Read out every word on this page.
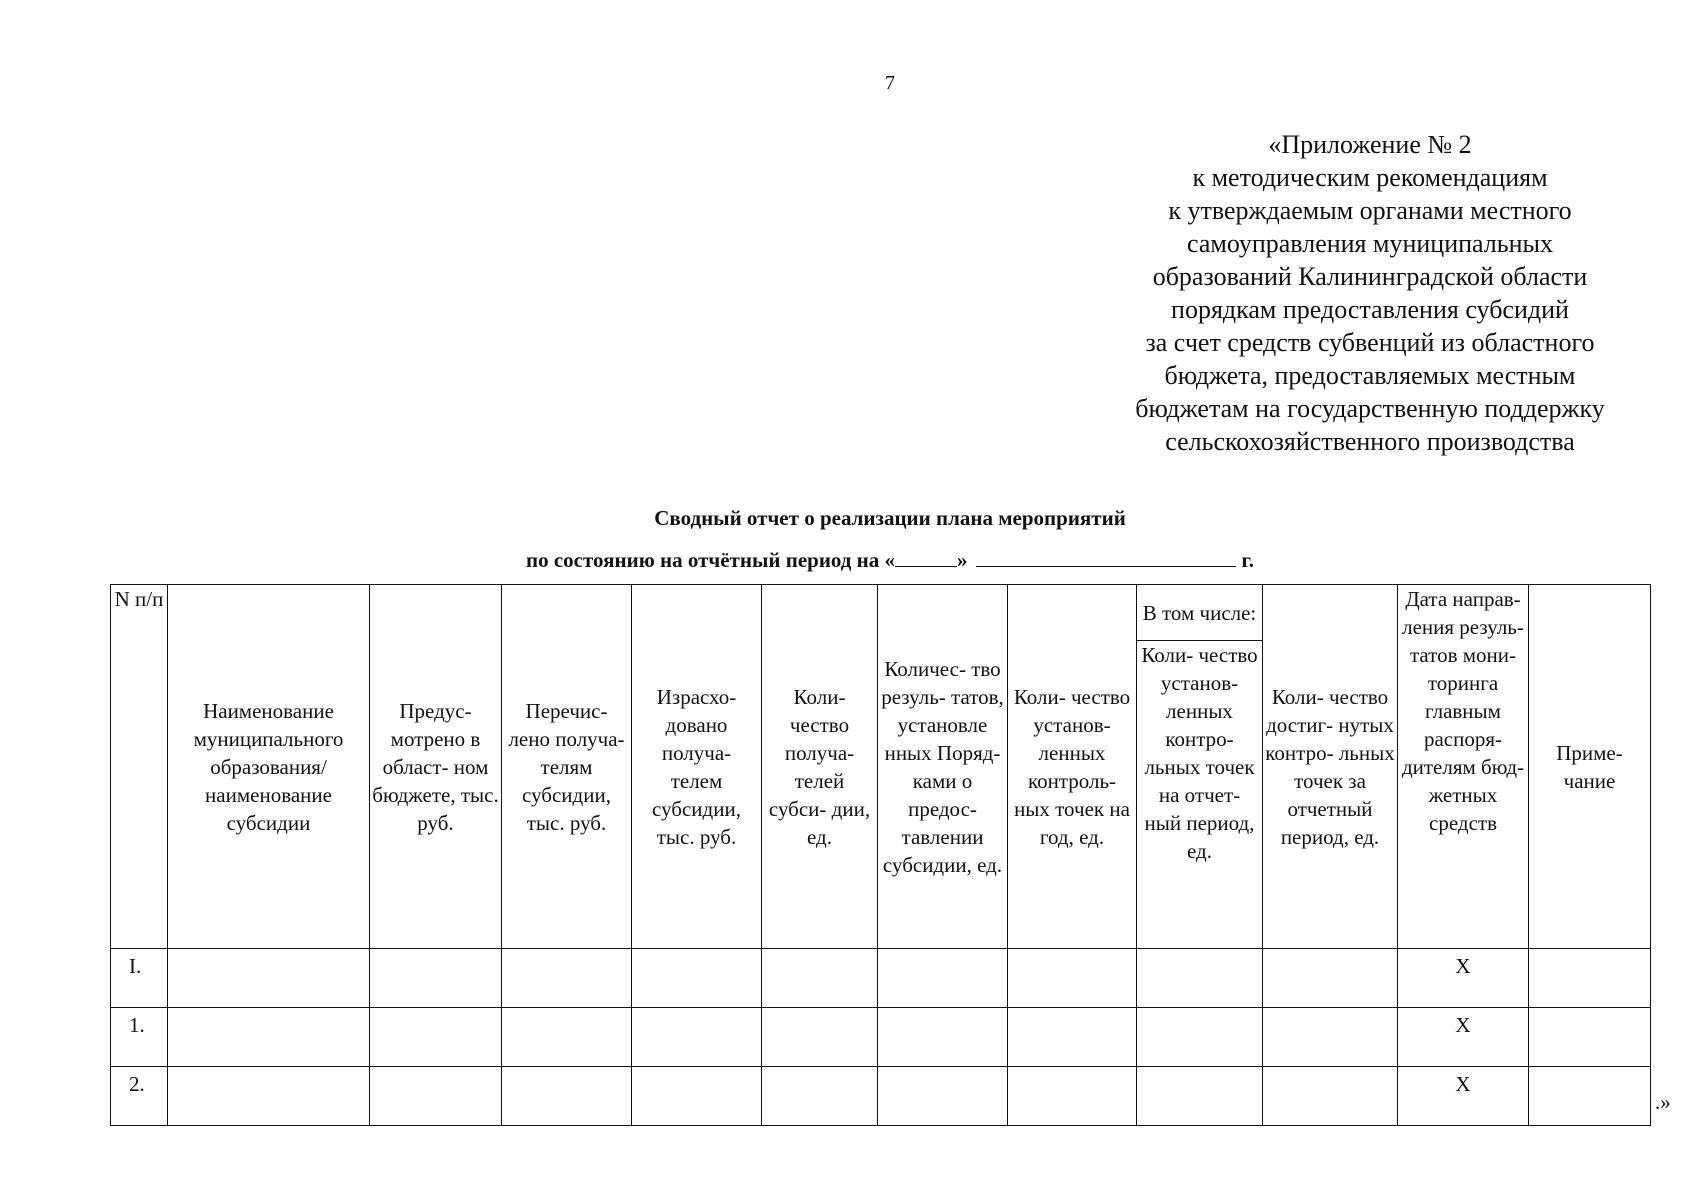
7
«Приложение № 2
к методическим рекомендациям
к утверждаемым органами местного
самоуправления муниципальных
образований Калининградской области
порядкам предоставления субсидий
за счет средств субвенций из областного
бюджета, предоставляемых местным
бюджетам на государственную поддержку
сельскохозяйственного производства
Сводный отчет о реализации плана мероприятий
по состоянию на отчётный период на «	»	г.
N п/п	Наименование муниципального образования/ наименование субсидии	Предус- мотрено в област- ном бюджете, тыс. руб.	Перечис- лено получа- телям субсидии, тыс. руб.	Израсхо- довано получа- телем субсидии, тыс. руб.	Коли- чество получа- телей субси- дии, ед.	Количес- тво резуль- татов, установле нных Поряд- ками о предос- тавлении субсидии, ед.	Коли- чество установ- ленных контроль- ных точек на год, ед.	В том числе:	Коли- чество достиг- нутых контро- льных точек за отчетный период, ед.	Дата направ- ления резуль- татов мони- торинга главным распоря- дителям бюд- жетных средств	Приме- чание
								Коли- чество установ- ленных контро- льных точек на отчет- ный период, ед.			
I.										Х	
1.										Х	
2.										Х	
.»
